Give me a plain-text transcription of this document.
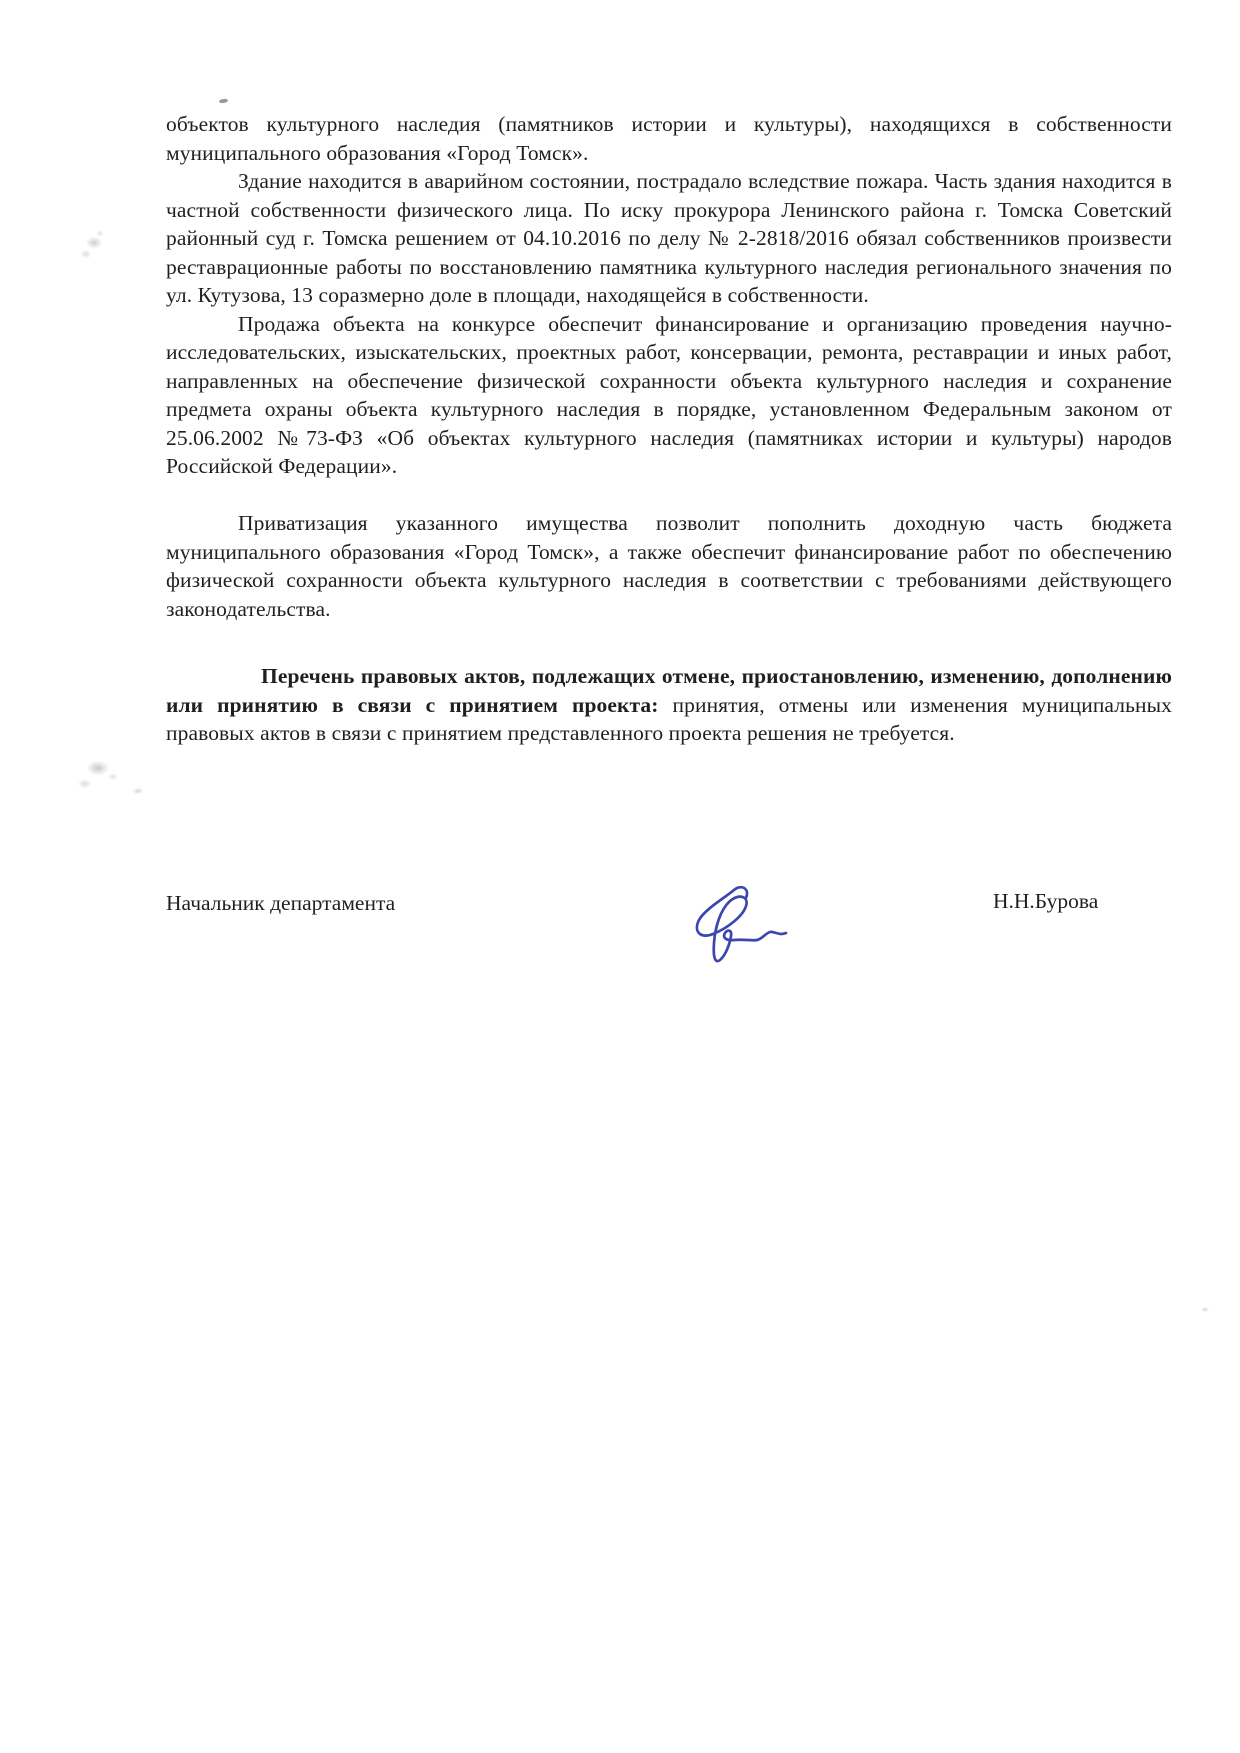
объектов культурного наследия (памятников истории и культуры), находящихся в собственности муниципального образования «Город Томск».

Здание находится в аварийном состоянии, пострадало вследствие пожара. Часть здания находится в частной собственности физического лица. По иску прокурора Ленинского района г. Томска Советский районный суд г. Томска решением от 04.10.2016 по делу № 2-2818/2016 обязал собственников произвести реставрационные работы по восстановлению памятника культурного наследия регионального значения по ул. Кутузова, 13 соразмерно доле в площади, находящейся в собственности.

Продажа объекта на конкурсе обеспечит финансирование и организацию проведения научно-исследовательских, изыскательских, проектных работ, консервации, ремонта, реставрации и иных работ, направленных на обеспечение физической сохранности объекта культурного наследия и сохранение предмета охраны объекта культурного наследия в порядке, установленном Федеральным законом от 25.06.2002 №73-ФЗ «Об объектах культурного наследия (памятниках истории и культуры) народов Российской Федерации».

Приватизация указанного имущества позволит пополнить доходную часть бюджета муниципального образования «Город Томск», а также обеспечит финансирование работ по обеспечению физической сохранности объекта культурного наследия в соответствии с требованиями действующего законодательства.

Перечень правовых актов, подлежащих отмене, приостановлению, изменению, дополнению или принятию в связи с принятием проекта: принятия, отмены или изменения муниципальных правовых актов в связи с принятием представленного проекта решения не требуется.

Начальник департамента	Н.Н.Бурова
